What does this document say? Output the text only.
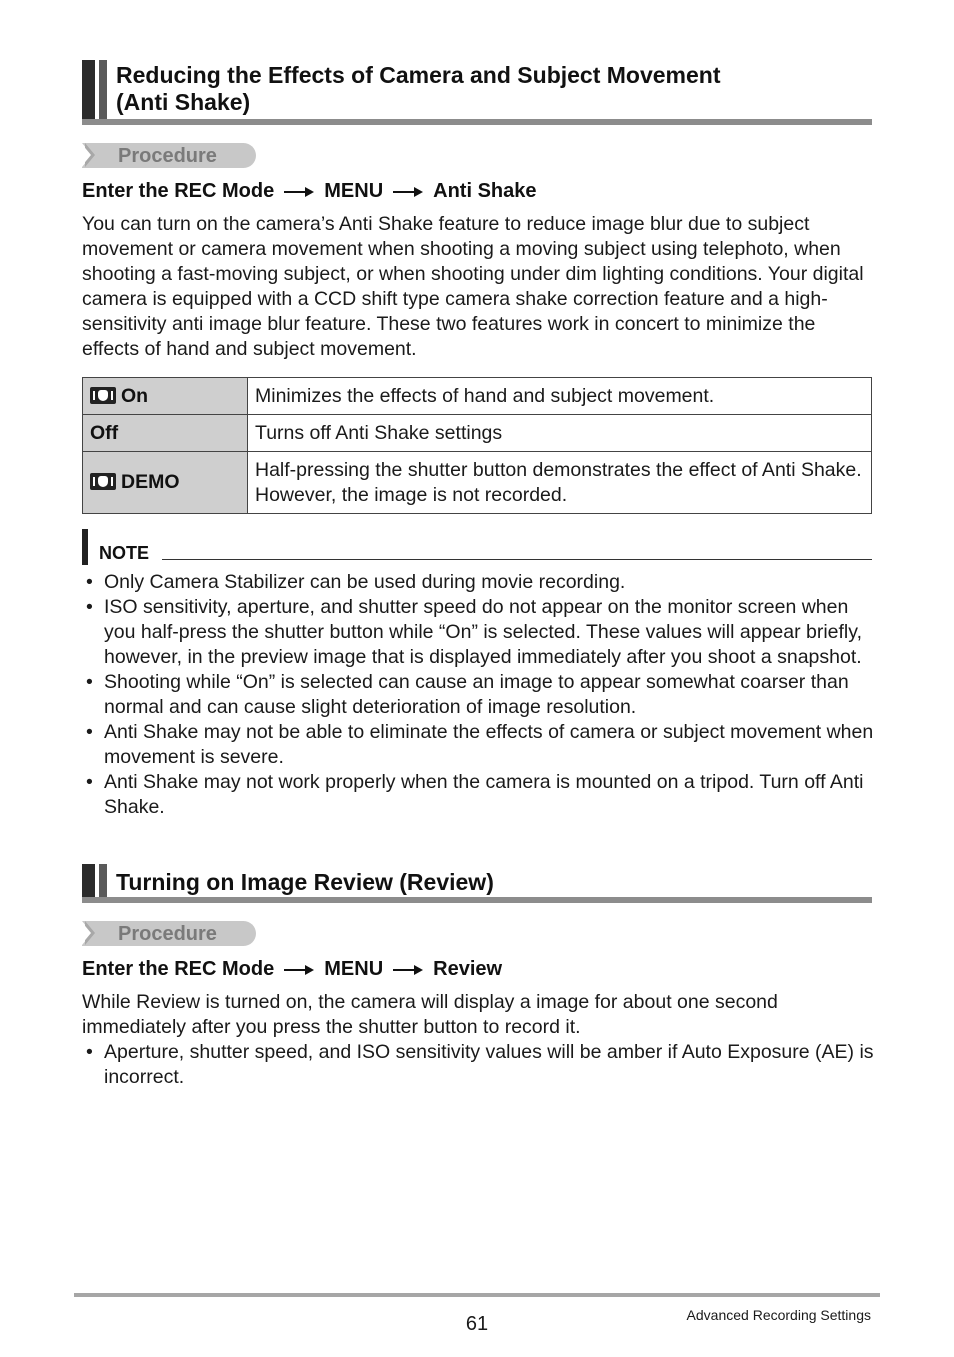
Reducing the Effects of Camera and Subject Movement
(Anti Shake)
Procedure
Enter the REC Mode	MENU	Anti Shake

You can turn on the camera’s Anti Shake feature to reduce image blur due to subject movement or camera movement when shooting a moving subject using telephoto, when shooting a fast-moving subject, or when shooting under dim lighting conditions. Your digital camera is equipped with a CCD shift type camera shake correction feature and a high-sensitivity anti image blur feature. These two features work in concert to minimize the effects of hand and subject movement.

On	Minimizes the effects of hand and subject movement.
Off	Turns off Anti Shake settings
DEMO	Half-pressing the shutter button demonstrates the effect of Anti Shake. However, the image is not recorded.
NOTE
• Only Camera Stabilizer can be used during movie recording.
• ISO sensitivity, aperture, and shutter speed do not appear on the monitor screen when you half-press the shutter button while “On” is selected. These values will appear briefly, however, in the preview image that is displayed immediately after you shoot a snapshot.
• Shooting while “On” is selected can cause an image to appear somewhat coarser than normal and can cause slight deterioration of image resolution.
• Anti Shake may not be able to eliminate the effects of camera or subject movement when movement is severe.
• Anti Shake may not work properly when the camera is mounted on a tripod. Turn off Anti Shake.
Turning on Image Review (Review)
Procedure
Enter the REC Mode	MENU	Review

While Review is turned on, the camera will display a image for about one second immediately after you press the shutter button to record it.

• Aperture, shutter speed, and ISO sensitivity values will be amber if Auto Exposure (AE) is incorrect.
61	Advanced Recording Settings
